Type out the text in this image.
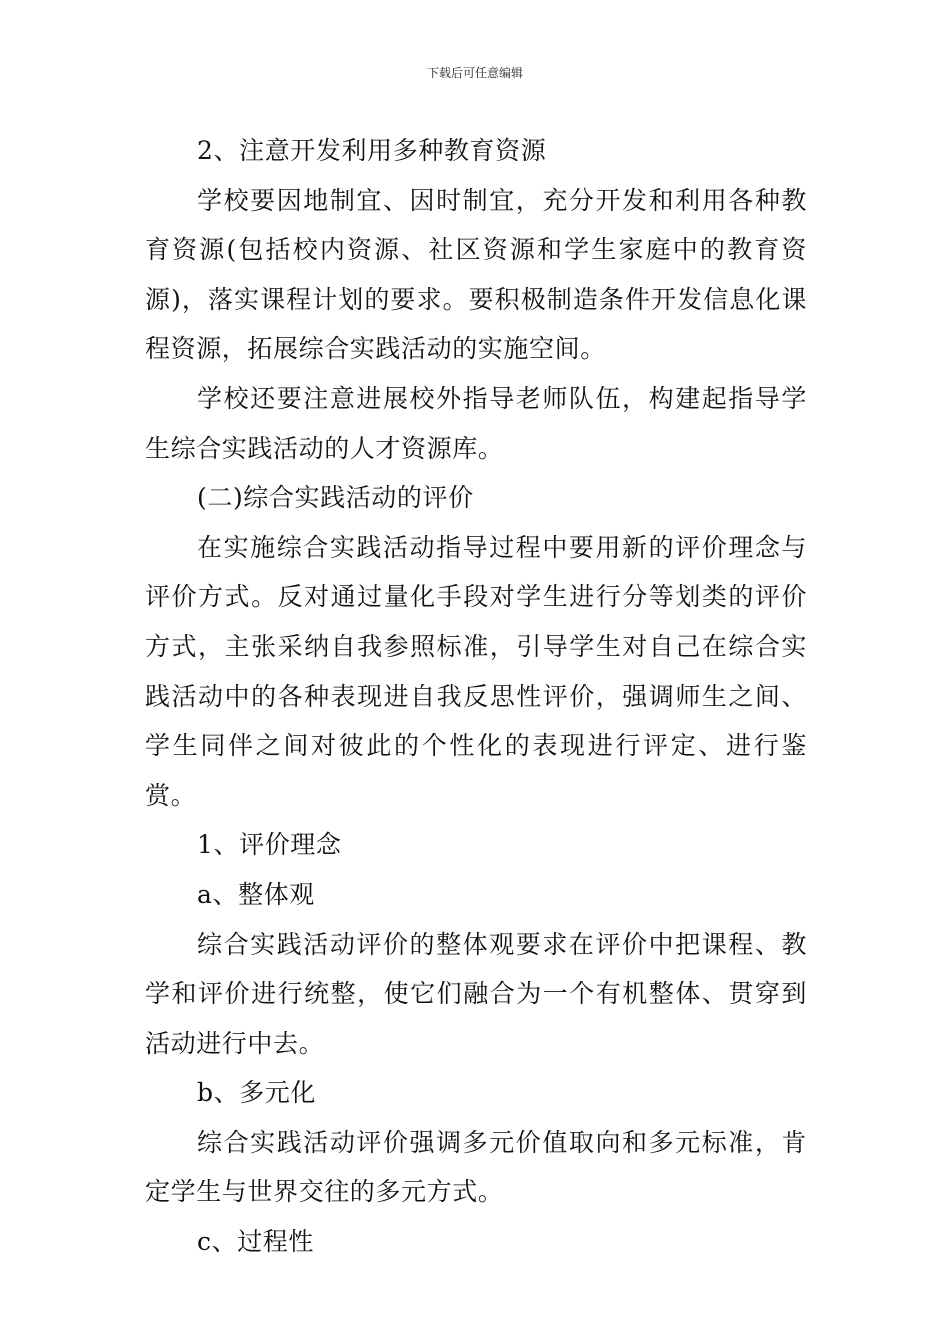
下载后可任意编辑

2、注意开发利用多种教育资源

学校要因地制宜、因时制宜，充分开发和利用各种教育资源(包括校内资源、社区资源和学生家庭中的教育资源)，落实课程计划的要求。要积极制造条件开发信息化课程资源，拓展综合实践活动的实施空间。

学校还要注意进展校外指导老师队伍，构建起指导学生综合实践活动的人才资源库。

(二)综合实践活动的评价

在实施综合实践活动指导过程中要用新的评价理念与评价方式。反对通过量化手段对学生进行分等划类的评价方式，主张采纳自我参照标准，引导学生对自己在综合实践活动中的各种表现进自我反思性评价，强调师生之间、学生同伴之间对彼此的个性化的表现进行评定、进行鉴赏。

1、评价理念

a、整体观

综合实践活动评价的整体观要求在评价中把课程、教学和评价进行统整，使它们融合为一个有机整体、贯穿到活动进行中去。

b、多元化

综合实践活动评价强调多元价值取向和多元标准，肯定学生与世界交往的多元方式。

c、过程性
